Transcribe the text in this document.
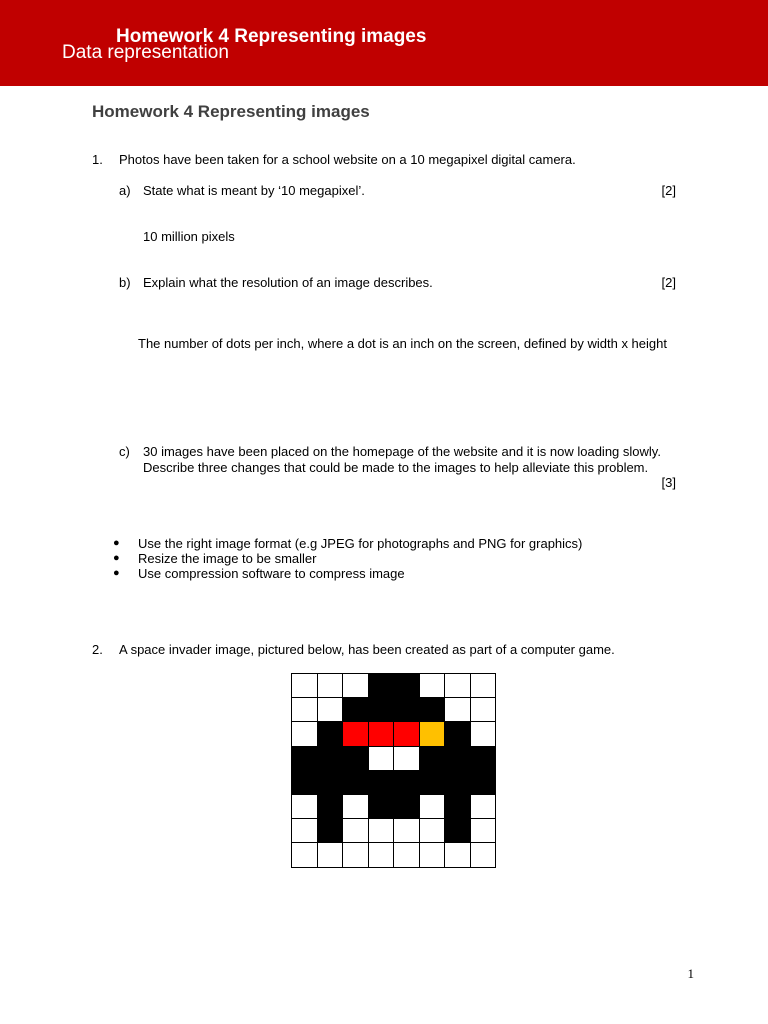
Homework 4 Representing images
Data representation
Homework 4 Representing images
1. Photos have been taken for a school website on a 10 megapixel digital camera.
a) State what is meant by ‘10 megapixel’.	[2]
10 million pixels
b) Explain what the resolution of an image describes.	[2]
The number of dots per inch, where a dot is an inch on the screen, defined by width x height
c) 30 images have been placed on the homepage of the website and it is now loading slowly. Describe three changes that could be made to the images to help alleviate this problem.
[3]
● Use the right image format (e.g JPEG for photographs and PNG for graphics)
● Resize the image to be smaller
● Use compression software to compress image
2. A space invader image, pictured below, has been created as part of a computer game.
1
